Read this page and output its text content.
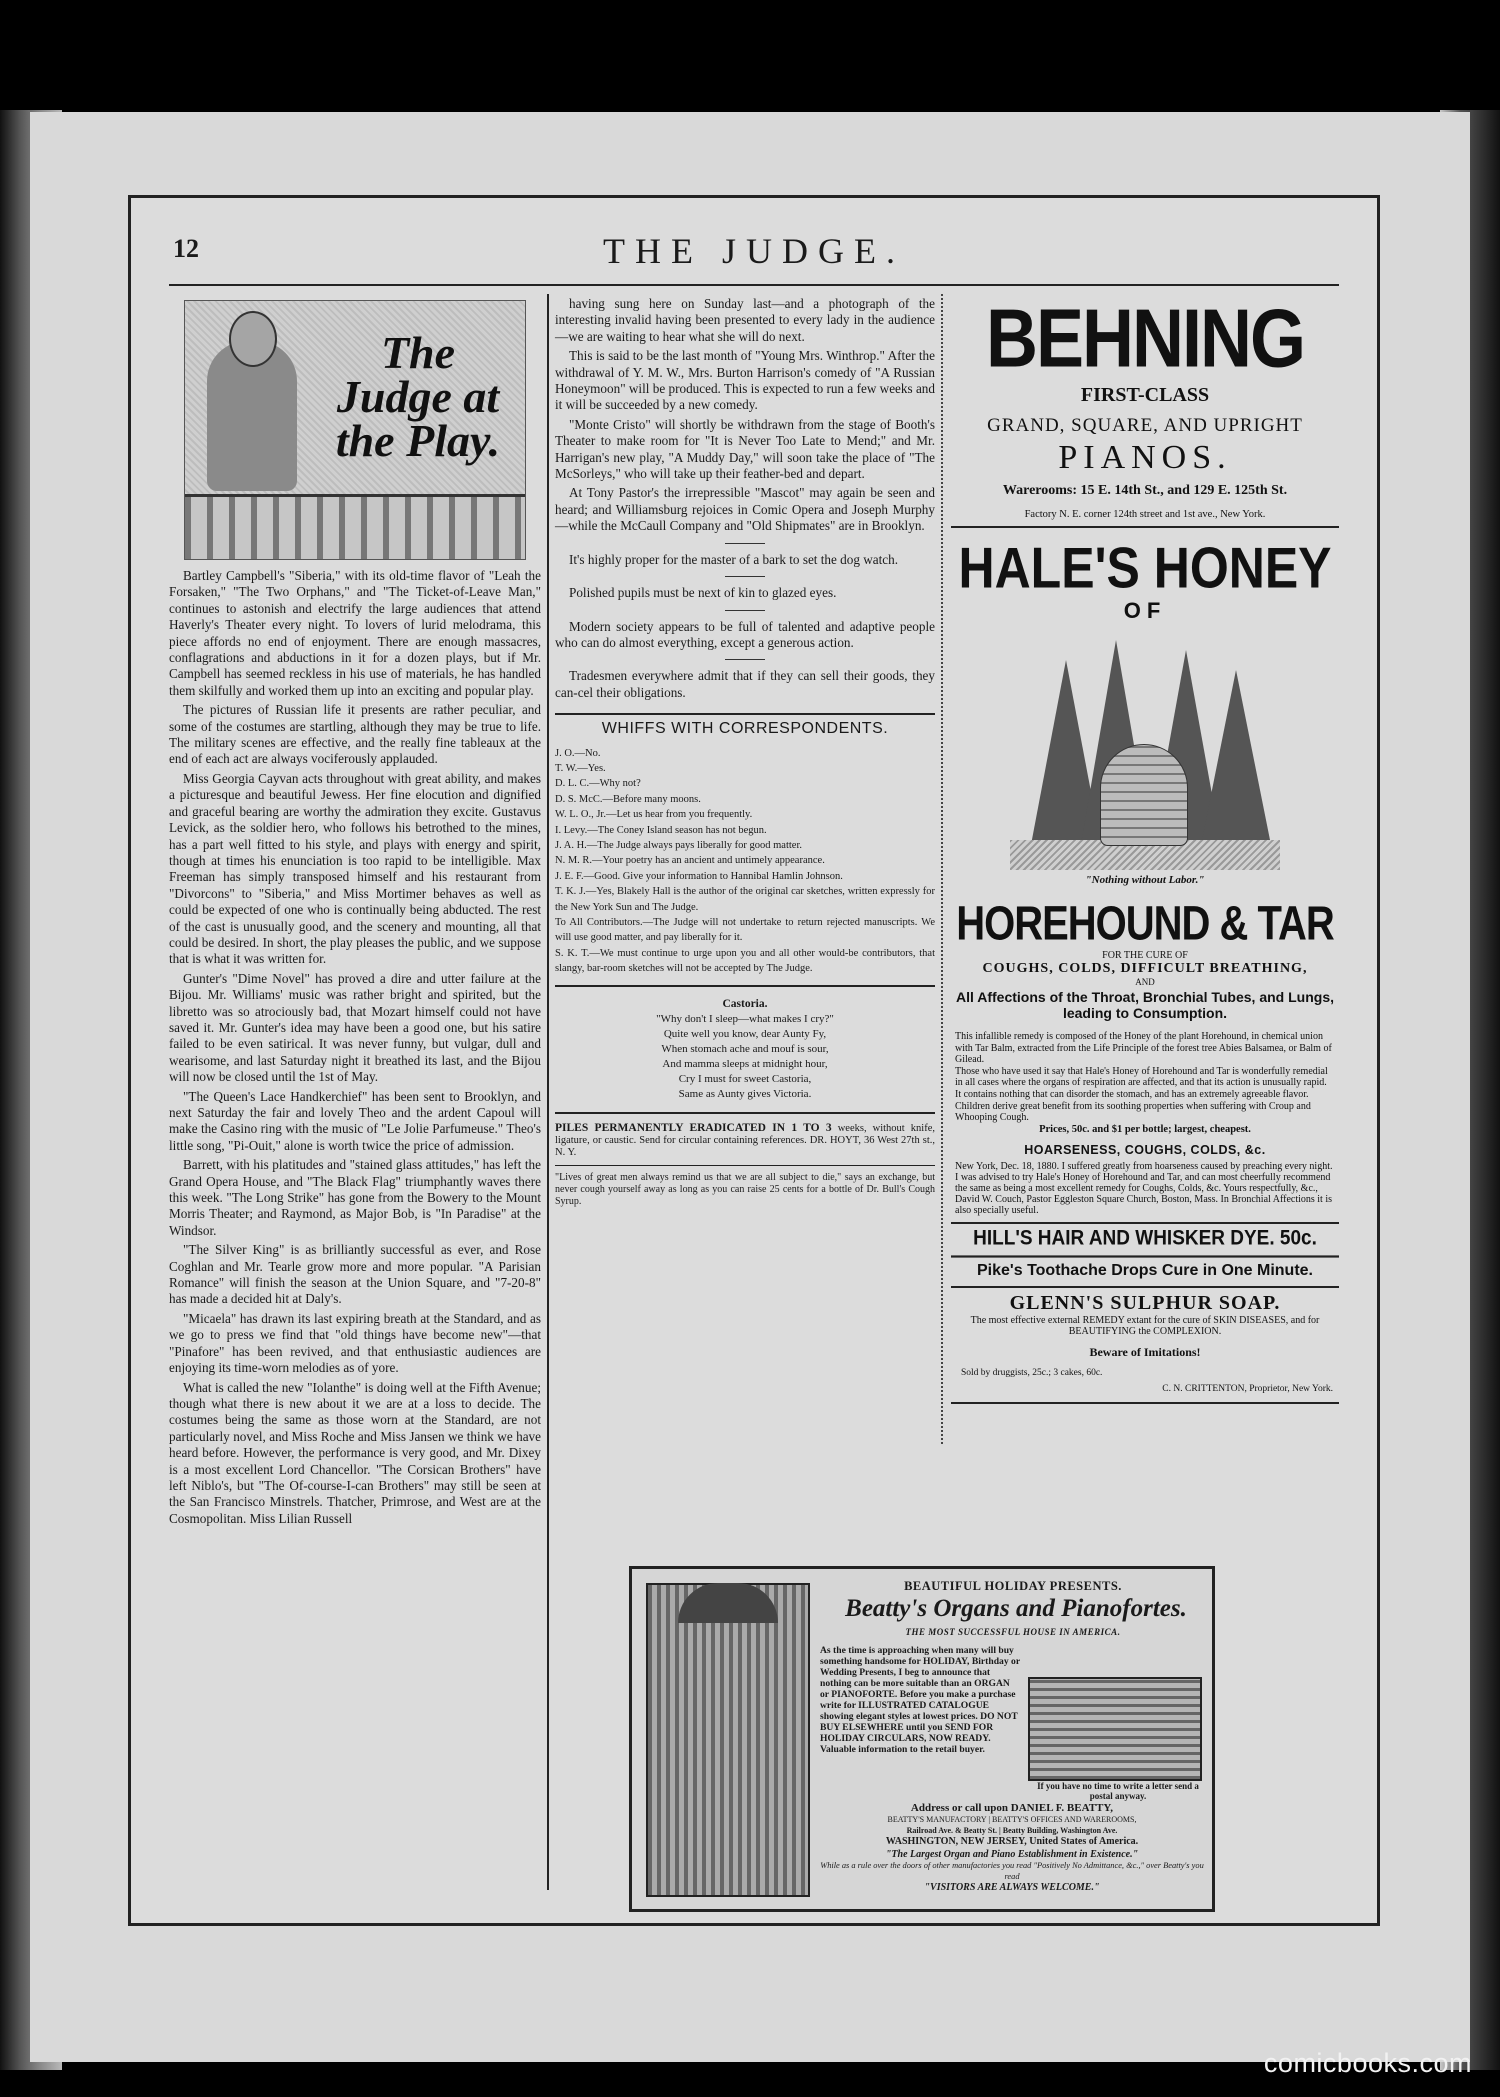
12	THE JUDGE.
The Judge at the Play.

Bartley Campbell's "Siberia," with its old-time flavor of "Leah the Forsaken," "The Two Orphans," and "The Ticket-of-Leave Man," continues to astonish and electrify the large audiences that attend Haverly's Theater every night. To lovers of lurid melodrama, this piece affords no end of enjoyment. There are enough massacres, conflagrations and abductions in it for a dozen plays, but if Mr. Campbell has seemed reckless in his use of materials, he has handled them skilfully and worked them up into an exciting and popular play.

The pictures of Russian life it presents are rather peculiar, and some of the costumes are startling, although they may be true to life. The military scenes are effective, and the really fine tableaux at the end of each act are always vociferously applauded.

Miss Georgia Cayvan acts throughout with great ability, and makes a picturesque and beautiful Jewess. Her fine elocution and dignified and graceful bearing are worthy the admiration they excite. Gustavus Levick, as the soldier hero, who follows his betrothed to the mines, has a part well fitted to his style, and plays with energy and spirit, though at times his enunciation is too rapid to be intelligible. Max Freeman has simply transposed himself and his restaurant from "Divorcons" to "Siberia," and Miss Mortimer behaves as well as could be expected of one who is continually being abducted. The rest of the cast is unusually good, and the scenery and mounting, all that could be desired. In short, the play pleases the public, and we suppose that is what it was written for.

Gunter's "Dime Novel" has proved a dire and utter failure at the Bijou. Mr. Williams' music was rather bright and spirited, but the libretto was so atrociously bad, that Mozart himself could not have saved it. Mr. Gunter's idea may have been a good one, but his satire failed to be even satirical. It was never funny, but vulgar, dull and wearisome, and last Saturday night it breathed its last, and the Bijou will now be closed until the 1st of May.

"The Queen's Lace Handkerchief" has been sent to Brooklyn, and next Saturday the fair and lovely Theo and the ardent Capoul will make the Casino ring with the music of "Le Jolie Parfumeuse." Theo's little song, "Pi-Ouit," alone is worth twice the price of admission.

Barrett, with his platitudes and "stained glass attitudes," has left the Grand Opera House, and "The Black Flag" triumphantly waves there this week. "The Long Strike" has gone from the Bowery to the Mount Morris Theater; and Raymond, as Major Bob, is "In Paradise" at the Windsor.

"The Silver King" is as brilliantly successful as ever, and Rose Coghlan and Mr. Tearle grow more and more popular. "A Parisian Romance" will finish the season at the Union Square, and "7-20-8" has made a decided hit at Daly's.

"Micaela" has drawn its last expiring breath at the Standard, and as we go to press we find that "old things have become new"—that "Pinafore" has been revived, and that enthusiastic audiences are enjoying its time-worn melodies as of yore.

What is called the new "Iolanthe" is doing well at the Fifth Avenue; though what there is new about it we are at a loss to decide. The costumes being the same as those worn at the Standard, are not particularly novel, and Miss Roche and Miss Jansen we think we have heard before. However, the performance is very good, and Mr. Dixey is a most excellent Lord Chancellor. "The Corsican Brothers" have left Niblo's, but "The Of-course-I-can Brothers" may still be seen at the San Francisco Minstrels. Thatcher, Primrose, and West are at the Cosmopolitan. Miss Lilian Russell

having sung here on Sunday last—and a photograph of the interesting invalid having been presented to every lady in the audience—we are waiting to hear what she will do next.

This is said to be the last month of "Young Mrs. Winthrop." After the withdrawal of Y. M. W., Mrs. Burton Harrison's comedy of "A Russian Honeymoon" will be produced. This is expected to run a few weeks and it will be succeeded by a new comedy.

"Monte Cristo" will shortly be withdrawn from the stage of Booth's Theater to make room for "It is Never Too Late to Mend;" and Mr. Harrigan's new play, "A Muddy Day," will soon take the place of "The McSorleys," who will take up their feather-bed and depart.

At Tony Pastor's the irrepressible "Mascot" may again be seen and heard; and Williamsburg rejoices in Comic Opera and Joseph Murphy—while the McCaull Company and "Old Shipmates" are in Brooklyn.

It's highly proper for the master of a bark to set the dog watch.

Polished pupils must be next of kin to glazed eyes.

Modern society appears to be full of talented and adaptive people who can do almost everything, except a generous action.

Tradesmen everywhere admit that if they can sell their goods, they can-cel their obligations.

WHIFFS WITH CORRESPONDENTS.
J. O.—No.
T. W.—Yes.
D. L. C.—Why not?
D. S. McC.—Before many moons.
W. L. O., Jr.—Let us hear from you frequently.
I. Levy.—The Coney Island season has not begun.
J. A. H.—The Judge always pays liberally for good matter.
N. M. R.—Your poetry has an ancient and untimely appearance.
J. E. F.—Good. Give your information to Hannibal Hamlin Johnson.
T. K. J.—Yes, Blakely Hall is the author of the original car sketches, written expressly for the New York Sun and The Judge.
To All Contributors.—The Judge will not undertake to return rejected manuscripts. We will use good matter, and pay liberally for it.
S. K. T.—We must continue to urge upon you and all other would-be contributors, that slangy, bar-room sketches will not be accepted by The Judge.
Castoria.
"Why don't I sleep—what makes I cry?"
Quite well you know, dear Aunty Fy,
When stomach ache and mouf is sour,
And mamma sleeps at midnight hour,
Cry I must for sweet Castoria,
Same as Aunty gives Victoria.
PILES PERMANENTLY ERADICATED IN 1 TO 3 weeks, without knife, ligature, or caustic. Send for circular containing references. DR. HOYT, 36 West 27th st., N. Y.
"Lives of great men always remind us that we are all subject to die," says an exchange, but never cough yourself away as long as you can raise 25 cents for a bottle of Dr. Bull's Cough Syrup.
BEHNING
FIRST-CLASS
GRAND, SQUARE, AND UPRIGHT
PIANOS.
Warerooms: 15 E. 14th St., and 129 E. 125th St.
Factory N. E. corner 124th street and 1st ave., New York.
HALE'S HONEY
OF
"Nothing without Labor."
HOREHOUND & TAR
FOR THE CURE OF
COUGHS, COLDS, DIFFICULT BREATHING,
AND
All Affections of the Throat, Bronchial Tubes, and Lungs, leading to Consumption.
This infallible remedy is composed of the Honey of the plant Horehound, in chemical union with Tar Balm, extracted from the Life Principle of the forest tree Abies Balsamea, or Balm of Gilead.
Those who have used it say that Hale's Honey of Horehound and Tar is wonderfully remedial in all cases where the organs of respiration are affected, and that its action is unusually rapid. It contains nothing that can disorder the stomach, and has an extremely agreeable flavor.
Children derive great benefit from its soothing properties when suffering with Croup and Whooping Cough.
Prices, 50c. and $1 per bottle; largest, cheapest.
HOARSENESS, COUGHS, COLDS, &c.
New York, Dec. 18, 1880. I suffered greatly from hoarseness caused by preaching every night. I was advised to try Hale's Honey of Horehound and Tar, and can most cheerfully recommend the same as being a most excellent remedy for Coughs, Colds, &c. Yours respectfully, &c., David W. Couch, Pastor Eggleston Square Church, Boston, Mass. In Bronchial Affections it is also specially useful.
HILL'S HAIR AND WHISKER DYE. 50c.
Pike's Toothache Drops Cure in One Minute.
GLENN'S SULPHUR SOAP.
The most effective external REMEDY extant for the cure of SKIN DISEASES, and for BEAUTIFYING the COMPLEXION.
Beware of Imitations!
Sold by druggists, 25c.; 3 cakes, 60c.
C. N. CRITTENTON, Proprietor, New York.
BEAUTIFUL HOLIDAY PRESENTS.
Beatty's Organs and Pianofortes.
THE MOST SUCCESSFUL HOUSE IN AMERICA.
As the time is approaching when many will buy something handsome for HOLIDAY, Birthday or Wedding Presents, I beg to announce that nothing can be more suitable than an ORGAN or PIANOFORTE. Before you make a purchase write for ILLUSTRATED CATALOGUE showing elegant styles at lowest prices. DO NOT BUY ELSEWHERE until you SEND FOR HOLIDAY CIRCULARS, NOW READY. Valuable information to the retail buyer.
If you have no time to write a letter send a postal anyway.
Address or call upon DANIEL F. BEATTY,
BEATTY'S MANUFACTORY | BEATTY'S OFFICES AND WAREROOMS,
Railroad Ave. & Beatty St. | Beatty Building, Washington Ave.
WASHINGTON, NEW JERSEY, United States of America.
"The Largest Organ and Piano Establishment in Existence."
While as a rule over the doors of other manufactories you read "Positively No Admittance, &c.," over Beatty's you read
"VISITORS ARE ALWAYS WELCOME."
comicbooks.com
